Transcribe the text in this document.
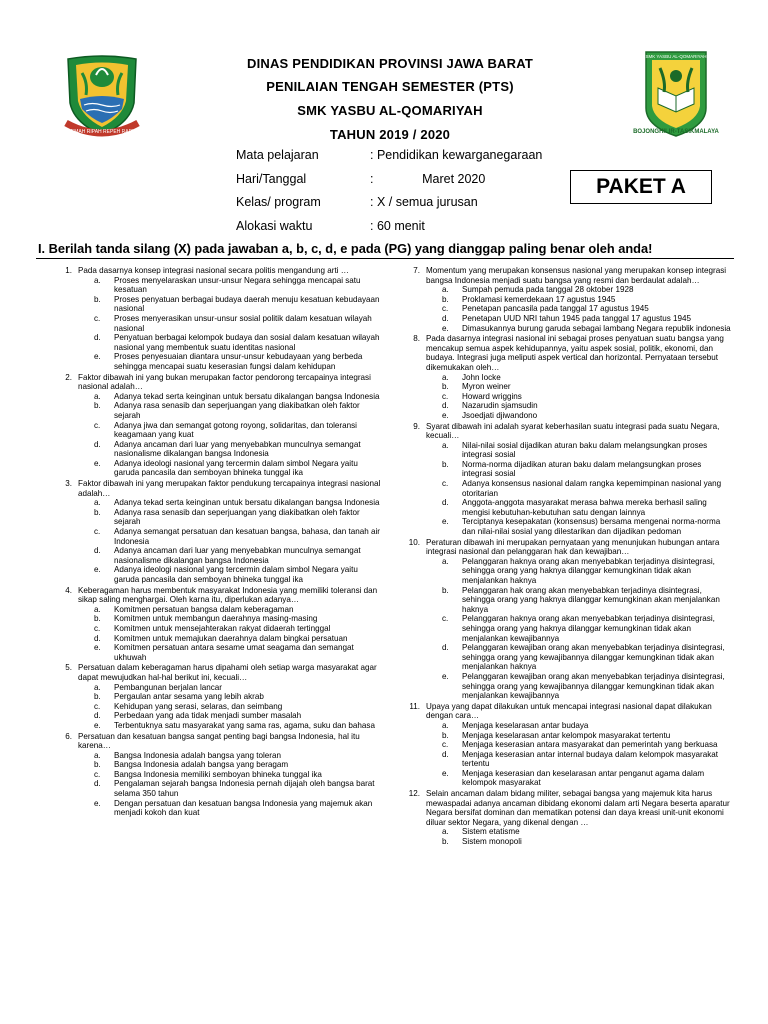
GEMAH RIPAH REPEH RAPIH
SMK YASBU AL-QOMARIYAH
BOJONGHILIR-TASIKMALAYA
DINAS PENDIDIKAN PROVINSI JAWA BARAT
PENILAIAN TENGAH SEMESTER (PTS)
SMK YASBU AL-QOMARIYAH
TAHUN 2019 / 2020
Mata pelajaran	: Pendidikan kewarganegaraan
Hari/Tanggal	:              Maret 2020
Kelas/ program	: X / semua jurusan
Alokasi waktu	: 60 menit
PAKET A
I. Berilah tanda silang (X) pada jawaban a, b, c, d, e pada (PG) yang dianggap paling benar oleh anda!
1. Pada dasarnya konsep integrasi nasional secara politis mengandung arti …
a. Proses menyelaraskan unsur-unsur Negara sehingga mencapai satu kesatuan
b. Proses penyatuan berbagai budaya daerah menuju kesatuan kebudayaan nasional
c. Proses menyerasikan unsur-unsur sosial politik dalam kesatuan wilayah nasional
d. Penyatuan berbagai kelompok budaya dan sosial dalam kesatuan wilayah nasional yang membentuk suatu identitas nasional
e. Proses penyesuaian diantara unsur-unsur kebudayaan yang berbeda sehingga mencapai suatu keserasian fungsi dalam kehidupan
2. Faktor dibawah ini yang bukan merupakan factor pendorong tercapainya integrasi nasional adalah…
a. Adanya tekad serta keinginan untuk bersatu dikalangan bangsa Indonesia
b. Adanya rasa senasib dan seperjuangan yang diakibatkan oleh faktor sejarah
c. Adanya jiwa dan semangat gotong royong, solidaritas, dan toleransi keagamaan yang kuat
d. Adanya ancaman dari luar yang menyebabkan munculnya semangat nasionalisme dikalangan bangsa Indonesia
e. Adanya ideologi nasional yang tercermin dalam simbol Negara yaitu garuda pancasila dan semboyan bhineka tunggal ika
3. Faktor dibawah ini yang merupakan faktor pendukung tercapainya integrasi nasional adalah…
a. Adanya tekad serta keinginan untuk bersatu dikalangan bangsa Indonesia
b. Adanya rasa senasib dan seperjuangan yang diakibatkan oleh faktor sejarah
c. Adanya semangat persatuan dan kesatuan bangsa, bahasa, dan tanah air Indonesia
d. Adanya ancaman dari luar yang menyebabkan munculnya semangat nasionalisme dikalangan bangsa Indonesia
e. Adanya ideologi nasional yang tercermin dalam simbol Negara yaitu garuda pancasila dan semboyan bhineka tunggal ika
4. Keberagaman harus membentuk masyarakat Indonesia yang memiliki toleransi dan sikap saling menghargai. Oleh karna itu, diperlukan adanya…
a. Komitmen persatuan bangsa dalam keberagaman
b. Komitmen untuk membangun daerahnya masing-masing
c. Komitmen untuk mensejahterakan rakyat didaerah tertinggal
d. Komitmen untuk memajukan daerahnya dalam bingkai persatuan
e. Komitmen persatuan antara sesame umat seagama dan semangat ukhuwah
5. Persatuan dalam keberagaman harus dipahami oleh setiap warga masyarakat agar dapat mewujudkan hal-hal berikut ini, kecuali…
a. Pembangunan berjalan lancar
b. Pergaulan antar sesama yang lebih akrab
c. Kehidupan yang serasi, selaras, dan seimbang
d. Perbedaan yang ada tidak menjadi sumber masalah
e. Terbentuknya satu masyarakat yang sama ras, agama, suku dan bahasa
6. Persatuan dan kesatuan bangsa sangat penting bagi bangsa Indonesia, hal itu karena…
a. Bangsa Indonesia adalah bangsa yang toleran
b. Bangsa Indonesia adalah bangsa yang beragam
c. Bangsa Indonesia memiliki semboyan bhineka tunggal ika
d. Pengalaman sejarah bangsa Indonesia pernah dijajah oleh bangsa barat selama 350 tahun
e. Dengan persatuan dan kesatuan bangsa Indonesia yang majemuk akan menjadi kokoh dan kuat
7. Momentum yang merupakan konsensus nasional yang merupakan konsep integrasi bangsa Indonesia menjadi suatu bangsa yang resmi dan berdaulat adalah…
a. Sumpah pemuda pada tanggal 28 oktober 1928
b. Proklamasi kemerdekaan 17 agustus 1945
c. Penetapan pancasila pada tanggal 17 agustus 1945
d. Penetapan UUD NRI tahun 1945 pada tanggal 17 agustus 1945
e. Dimasukannya burung garuda sebagai lambang Negara republik indonesia
8. Pada dasarnya integrasi nasional ini sebagai proses penyatuan suatu bangsa yang mencakup semua aspek kehidupannya, yaitu aspek sosial, politik, ekonomi, dan budaya. Integrasi juga meliputi aspek vertical dan horizontal. Pernyataan tersebut dikemukakan oleh…
a. John locke
b. Myron weiner
c. Howard wriggins
d. Nazarudin sjamsudin
e. Jsoedjati djiwandono
9. Syarat dibawah ini adalah syarat keberhasilan suatu integrasi pada suatu Negara, kecuali…
a. Nilai-nilai sosial dijadikan aturan baku dalam melangsungkan proses integrasi sosial
b. Norma-norma dijadikan aturan baku dalam melangsungkan proses integrasi sosial
c. Adanya konsensus nasional dalam rangka kepemimpinan nasional yang otoritarian
d. Anggota-anggota masyarakat merasa bahwa mereka berhasil saling mengisi kebutuhan-kebutuhan satu dengan lainnya
e. Terciptanya kesepakatan (konsensus) bersama mengenai norma-norma dan nilai-nilai sosial yang dilestarikan dan dijadikan pedoman
10. Peraturan dibawah ini merupakan pernyataan yang menunjukan hubungan antara integrasi nasional dan pelanggaran hak dan kewajiban…
a. Pelanggaran haknya orang akan menyebabkan terjadinya disintegrasi, sehingga orang yang haknya dilanggar kemungkinan tidak akan menjalankan haknya
b. Pelanggaran hak orang akan menyebabkan terjadinya disintegrasi, sehingga orang yang haknya dilanggar kemungkinan akan menjalankan haknya
c. Pelanggaran haknya orang akan menyebabkan terjadinya disintegrasi, sehingga orang yang haknya dilanggar kemungkinan tidak akan menjalankan kewajibannya
d. Pelanggaran kewajiban orang akan menyebabkan terjadinya disintegrasi, sehingga orang yang kewajibannya dilanggar kemungkinan tidak akan menjalankan haknya
e. Pelanggaran kewajiban orang akan menyebabkan terjadinya disintegrasi, sehingga orang yang kewajibannya dilanggar kemungkinan tidak akan menjalankan kewajibannya
11. Upaya yang dapat dilakukan untuk mencapai integrasi nasional dapat dilakukan dengan cara…
a. Menjaga keselarasan antar budaya
b. Menjaga keselarasan antar kelompok masyarakat tertentu
c. Menjaga keserasian antara masyarakat dan pemerintah yang berkuasa
d. Menjaga keserasian antar internal budaya dalam kelompok masyarakat tertentu
e. Menjaga keserasian dan keselarasan antar penganut agama dalam kelompok masyarakat
12. Selain ancaman dalam bidang militer, sebagai bangsa yang majemuk kita harus mewaspadai adanya ancaman dibidang ekonomi dalam arti Negara beserta aparatur Negara bersifat dominan dan mematikan potensi dan daya kreasi unit-unit ekonomi diluar sektor Negara, yang dikenal dengan …
a. Sistem etatisme
b. Sistem monopoli
